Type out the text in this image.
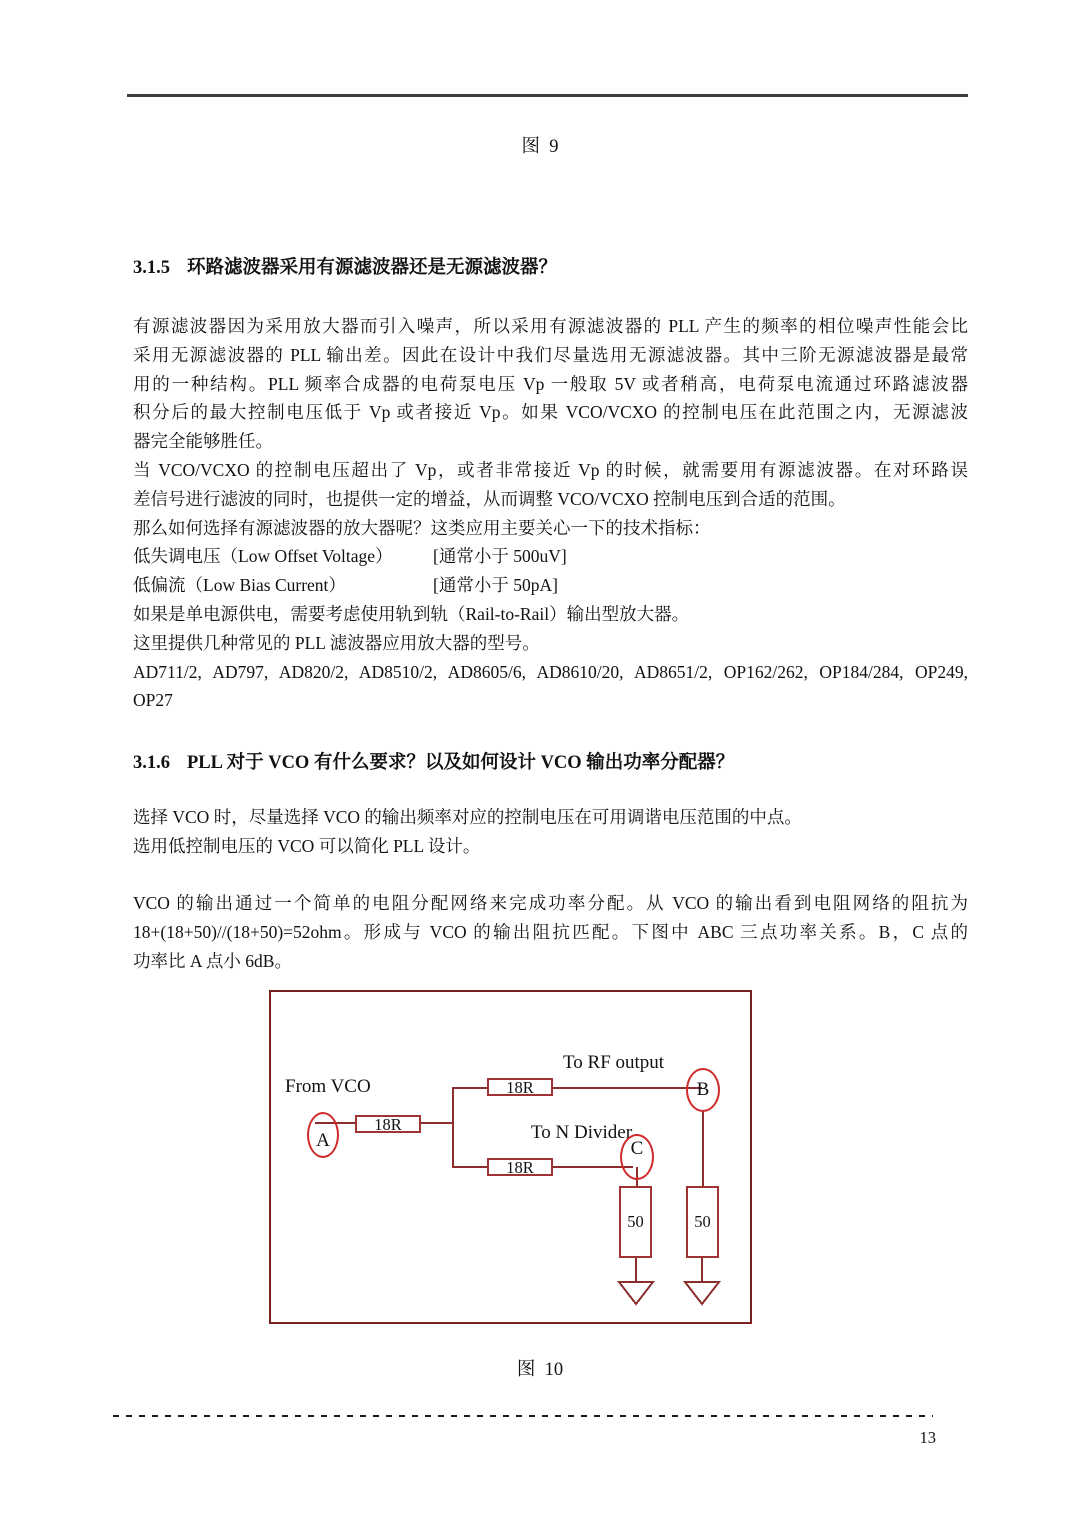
图  9
3.1.5 环路滤波器采用有源滤波器还是无源滤波器？
有源滤波器因为采用放大器而引入噪声，所以采用有源滤波器的 PLL 产生的频率的相位噪声性能会比
采用无源滤波器的 PLL 输出差。因此在设计中我们尽量选用无源滤波器。其中三阶无源滤波器是最常
用的一种结构。PLL 频率合成器的电荷泵电压 Vp 一般取 5V 或者稍高，电荷泵电流通过环路滤波器
积分后的最大控制电压低于 Vp 或者接近 Vp。如果 VCO/VCXO 的控制电压在此范围之内，无源滤波
器完全能够胜任。
当 VCO/VCXO 的控制电压超出了 Vp，或者非常接近 Vp 的时候，就需要用有源滤波器。在对环路误
差信号进行滤波的同时，也提供一定的增益，从而调整 VCO/VCXO 控制电压到合适的范围。
那么如何选择有源滤波器的放大器呢？这类应用主要关心一下的技术指标：
低失调电压（Low Offset Voltage）	[通常小于 500uV]
低偏流（Low Bias Current）	[通常小于 50pA]
如果是单电源供电，需要考虑使用轨到轨（Rail-to-Rail）输出型放大器。
这里提供几种常见的 PLL 滤波器应用放大器的型号。
AD711/2, AD797, AD820/2, AD8510/2, AD8605/6, AD8610/20, AD8651/2, OP162/262, OP184/284, OP249,
OP27
3.1.6 PLL 对于 VCO 有什么要求？以及如何设计 VCO 输出功率分配器？
选择 VCO 时，尽量选择 VCO 的输出频率对应的控制电压在可用调谐电压范围的中点。
选用低控制电压的 VCO 可以简化 PLL 设计。
VCO 的输出通过一个简单的电阻分配网络来完成功率分配。从 VCO 的输出看到电阻网络的阻抗为
18+(18+50)//(18+50)=52ohm。形成与 VCO 的输出阻抗匹配。下图中 ABC 三点功率关系。B，C 点的
功率比 A 点小 6dB。
From VCO
To RF output
To N Divider
18R
18R
18R
50	50
A
B
C
图  10
13
